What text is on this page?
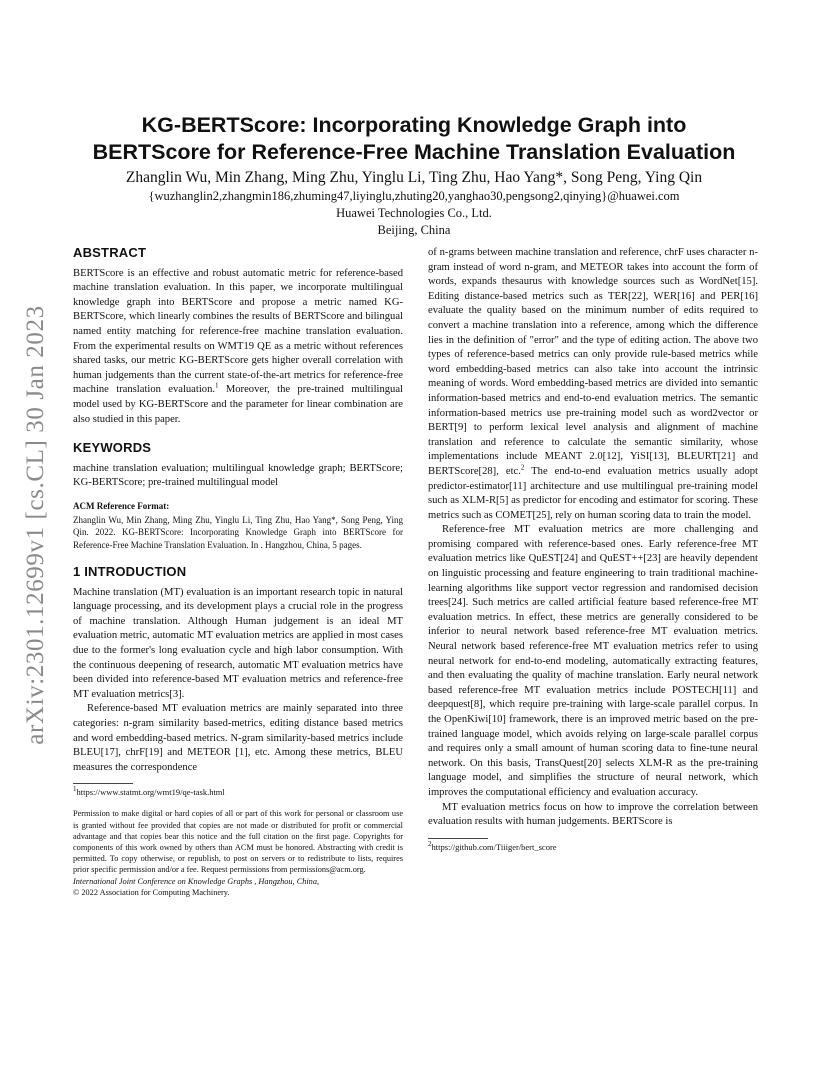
arXiv:2301.12699v1 [cs.CL] 30 Jan 2023
KG-BERTScore: Incorporating Knowledge Graph into
BERTScore for Reference-Free Machine Translation Evaluation
Zhanglin Wu, Min Zhang, Ming Zhu, Yinglu Li, Ting Zhu, Hao Yang*, Song Peng, Ying Qin
{wuzhanglin2,zhangmin186,zhuming47,liyinglu,zhuting20,yanghao30,pengsong2,qinying}@huawei.com
Huawei Technologies Co., Ltd.
Beijing, China
ABSTRACT

BERTScore is an effective and robust automatic metric for reference-based machine translation evaluation. In this paper, we incorporate multilingual knowledge graph into BERTScore and propose a metric named KG-BERTScore, which linearly combines the results of BERTScore and bilingual named entity matching for reference-free machine translation evaluation. From the experimental results on WMT19 QE as a metric without references shared tasks, our metric KG-BERTScore gets higher overall correlation with human judgements than the current state-of-the-art metrics for reference-free machine translation evaluation.$^1$ Moreover, the pre-trained multilingual model used by KG-BERTScore and the parameter for linear combination are also studied in this paper.

KEYWORDS

machine translation evaluation; multilingual knowledge graph; BERTScore; KG-BERTScore; pre-trained multilingual model

ACM Reference Format:

Zhanglin Wu, Min Zhang, Ming Zhu, Yinglu Li, Ting Zhu, Hao Yang*, Song Peng, Ying Qin. 2022. KG-BERTScore: Incorporating Knowledge Graph into BERTScore for Reference-Free Machine Translation Evaluation. In . Hangzhou, China, 5 pages.

1 INTRODUCTION

Machine translation (MT) evaluation is an important research topic in natural language processing, and its development plays a crucial role in the progress of machine translation. Although Human judgement is an ideal MT evaluation metric, automatic MT evaluation metrics are applied in most cases due to the former's long evaluation cycle and high labor consumption. With the continuous deepening of research, automatic MT evaluation metrics have been divided into reference-based MT evaluation metrics and reference-free MT evaluation metrics[3].

Reference-based MT evaluation metrics are mainly separated into three categories: n-gram similarity based-metrics, editing distance based metrics and word embedding-based metrics. N-gram similarity-based metrics include BLEU[17], chrF[19] and METEOR [1], etc. Among these metrics, BLEU measures the correspondence

$^1$https://www.statmt.org/wmt19/qe-task.html

Permission to make digital or hard copies of all or part of this work for personal or classroom use is granted without fee provided that copies are not made or distributed for profit or commercial advantage and that copies bear this notice and the full citation on the first page. Copyrights for components of this work owned by others than ACM must be honored. Abstracting with credit is permitted. To copy otherwise, or republish, to post on servers or to redistribute to lists, requires prior specific permission and/or a fee. Request permissions from permissions@acm.org.
International Joint Conference on Knowledge Graphs , Hangzhou, China,
© 2022 Association for Computing Machinery.

of n-grams between machine translation and reference, chrF uses character n-gram instead of word n-gram, and METEOR takes into account the form of words, expands thesaurus with knowledge sources such as WordNet[15]. Editing distance-based metrics such as TER[22], WER[16] and PER[16] evaluate the quality based on the minimum number of edits required to convert a machine translation into a reference, among which the difference lies in the definition of "error" and the type of editing action. The above two types of reference-based metrics can only provide rule-based metrics while word embedding-based metrics can also take into account the intrinsic meaning of words. Word embedding-based metrics are divided into semantic information-based metrics and end-to-end evaluation metrics. The semantic information-based metrics use pre-training model such as word2vector or BERT[9] to perform lexical level analysis and alignment of machine translation and reference to calculate the semantic similarity, whose implementations include MEANT 2.0[12], YiSI[13], BLEURT[21] and BERTScore[28], etc.$^2$ The end-to-end evaluation metrics usually adopt predictor-estimator[11] architecture and use multilingual pre-training model such as XLM-R[5] as predictor for encoding and estimator for scoring. These metrics such as COMET[25], rely on human scoring data to train the model.

Reference-free MT evaluation metrics are more challenging and promising compared with reference-based ones. Early reference-free MT evaluation metrics like QuEST[24] and QuEST++[23] are heavily dependent on linguistic processing and feature engineering to train traditional machine-learning algorithms like support vector regression and randomised decision trees[24]. Such metrics are called artificial feature based reference-free MT evaluation metrics. In effect, these metrics are generally considered to be inferior to neural network based reference-free MT evaluation metrics. Neural network based reference-free MT evaluation metrics refer to using neural network for end-to-end modeling, automatically extracting features, and then evaluating the quality of machine translation. Early neural network based reference-free MT evaluation metrics include POSTECH[11] and deepquest[8], which require pre-training with large-scale parallel corpus. In the OpenKiwi[10] framework, there is an improved metric based on the pre-trained language model, which avoids relying on large-scale parallel corpus and requires only a small amount of human scoring data to fine-tune neural network. On this basis, TransQuest[20] selects XLM-R as the pre-training language model, and simplifies the structure of neural network, which improves the computational efficiency and evaluation accuracy.

MT evaluation metrics focus on how to improve the correlation between evaluation results with human judgements. BERTScore is

$^2$https://github.com/Tiiiger/bert_score
